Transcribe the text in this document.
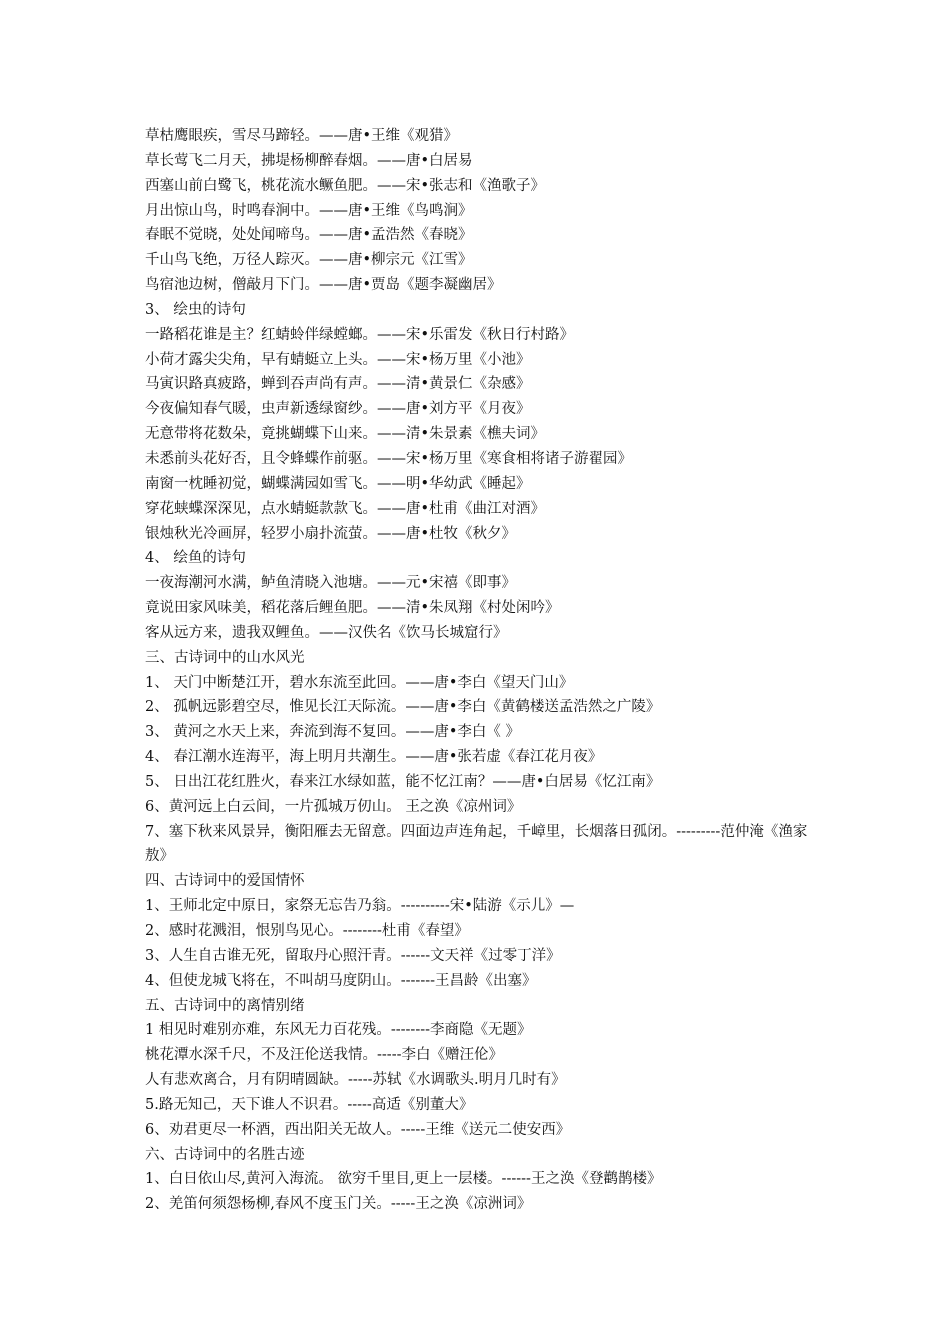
草枯鹰眼疾，雪尽马蹄轻。——唐•王维《观猎》
草长莺飞二月天，拂堤杨柳醉春烟。——唐•白居易
西塞山前白鹭飞，桃花流水鳜鱼肥。——宋•张志和《渔歌子》
月出惊山鸟，时鸣春涧中。——唐•王维《鸟鸣涧》
春眠不觉晓，处处闻啼鸟。——唐•孟浩然《春晓》
千山鸟飞绝，万径人踪灭。——唐•柳宗元《江雪》
鸟宿池边树，僧敲月下门。——唐•贾岛《题李凝幽居》
3、 绘虫的诗句
一路稻花谁是主？红蜻蛉伴绿螳螂。——宋•乐雷发《秋日行村路》
小荷才露尖尖角，早有蜻蜓立上头。——宋•杨万里《小池》
马寅识路真疲路，蝉到吞声尚有声。——清•黄景仁《杂感》
今夜偏知春气暖，虫声新透绿窗纱。——唐•刘方平《月夜》
无意带将花数朵，竟挑蝴蝶下山来。——清•朱景素《樵夫词》
未悉前头花好否，且令蜂蝶作前驱。——宋•杨万里《寒食相将诸子游翟园》
南窗一枕睡初觉，蝴蝶满园如雪飞。——明•华幼武《睡起》
穿花蛱蝶深深见，点水蜻蜓款款飞。——唐•杜甫《曲江对酒》
银烛秋光冷画屏，轻罗小扇扑流萤。——唐•杜牧《秋夕》
4、 绘鱼的诗句
一夜海潮河水满，鲈鱼清晓入池塘。——元•宋禧《即事》
竟说田家风味美，稻花落后鲤鱼肥。——清•朱凤翔《村处闲吟》
客从远方来，遗我双鲤鱼。——汉佚名《饮马长城窟行》
三、古诗词中的山水风光
1、 天门中断楚江开，碧水东流至此回。——唐•李白《望天门山》
2、 孤帆远影碧空尽，惟见长江天际流。——唐•李白《黄鹤楼送孟浩然之广陵》
3、 黄河之水天上来，奔流到海不复回。——唐•李白《 》
4、 春江潮水连海平，海上明月共潮生。——唐•张若虚《春江花月夜》
5、 日出江花红胜火，春来江水绿如蓝，能不忆江南？——唐•白居易《忆江南》
6、黄河远上白云间，一片孤城万仞山。 王之涣《凉州词》
7、塞下秋来风景异，衡阳雁去无留意。四面边声连角起，千嶂里，长烟落日孤闭。---------范仲淹《渔家敖》
四、古诗词中的爱国情怀
1、王师北定中原日，家祭无忘告乃翁。----------宋•陆游《示儿》—
2、感时花溅泪，恨别鸟见心。--------杜甫《春望》
3、人生自古谁无死，留取丹心照汗青。------文天祥《过零丁洋》
4、但使龙城飞将在，不叫胡马度阴山。-------王昌龄《出塞》
五、古诗词中的离情别绪
1 相见时难别亦难，东风无力百花残。--------李商隐《无题》
桃花潭水深千尺，不及汪伦送我情。-----李白《赠汪伦》
人有悲欢离合，月有阴晴圆缺。-----苏轼《水调歌头.明月几时有》
5.路无知己，天下谁人不识君。-----高适《别董大》
6、劝君更尽一杯酒，西出阳关无故人。-----王维《送元二使安西》
六、古诗词中的名胜古迹
1、白日依山尽,黄河入海流。 欲穷千里目,更上一层楼。------王之涣《登鹳鹊楼》
2、羌笛何须怨杨柳,春风不度玉门关。-----王之涣《凉洲词》
